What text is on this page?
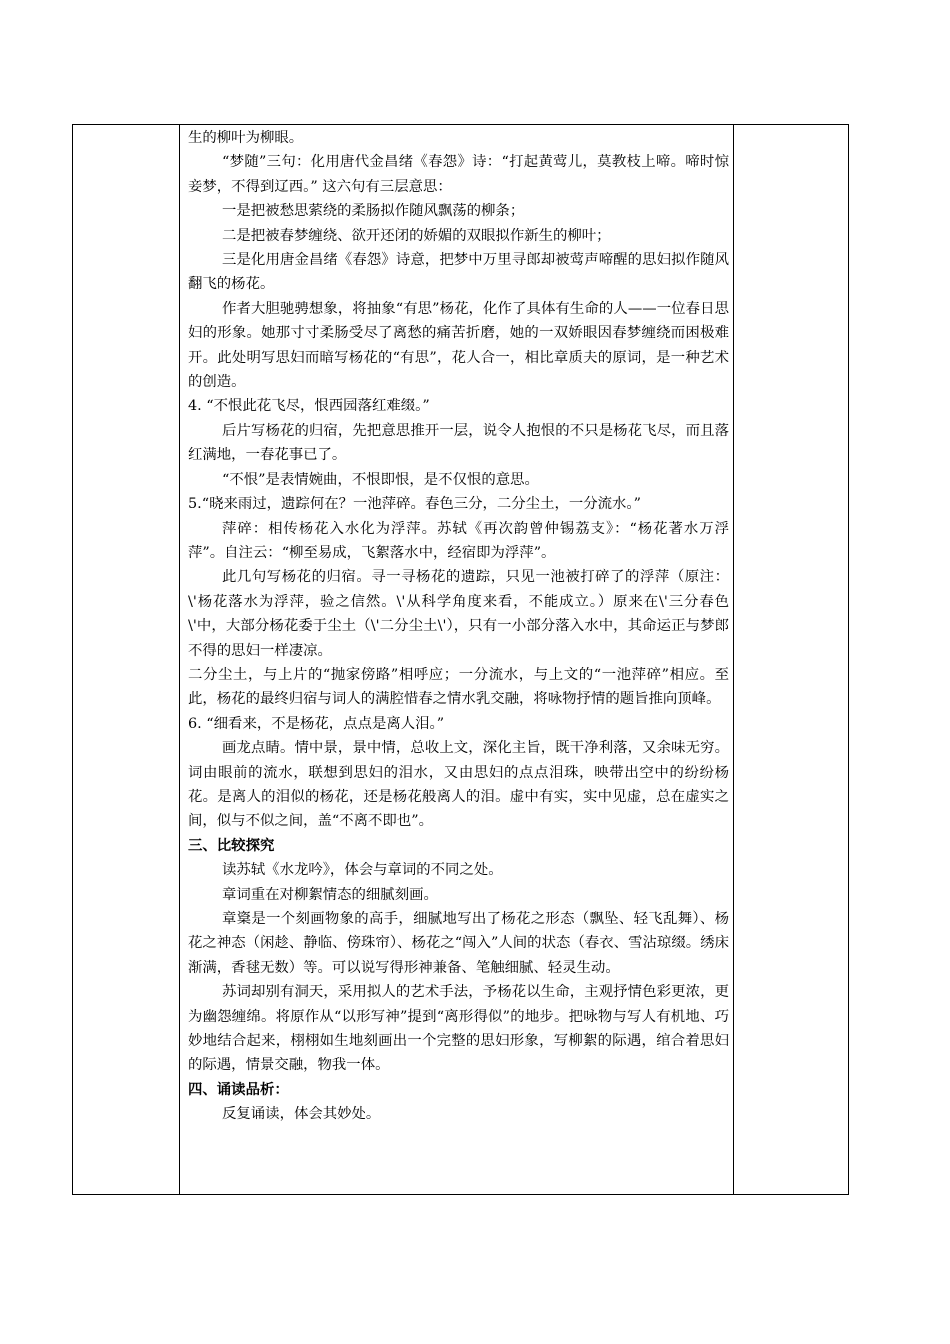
生的柳叶为柳眼。

“梦随”三句：化用唐代金昌绪《春怨》诗：“打起黄莺儿，莫教枝上啼。啼时惊妾梦，不得到辽西。” 这六句有三层意思：

一是把被愁思萦绕的柔肠拟作随风飘荡的柳条；

二是把被春梦缠绕、欲开还闭的娇媚的双眼拟作新生的柳叶；

三是化用唐金昌绪《春怨》诗意，把梦中万里寻郎却被莺声啼醒的思妇拟作随风翻飞的杨花。

作者大胆驰骋想象，将抽象“有思”杨花，化作了具体有生命的人——一位春日思妇的形象。她那寸寸柔肠受尽了离愁的痛苦折磨，她的一双娇眼因春梦缠绕而困极难开。此处明写思妇而暗写杨花的“有思”，花人合一，相比章质夫的原词，是一种艺术的创造。

4. “不恨此花飞尽，恨西园落红难缀。”

后片写杨花的归宿，先把意思推开一层，说令人抱恨的不只是杨花飞尽，而且落红满地，一春花事已了。

“不恨”是表情婉曲，不恨即恨，是不仅恨的意思。

5.“晓来雨过，遗踪何在？一池萍碎。春色三分，二分尘土，一分流水。”

萍碎：相传杨花入水化为浮萍。苏轼《再次韵曾仲锡荔支》：“杨花著水万浮萍”。自注云：“柳至易成，飞絮落水中，经宿即为浮萍”。

此几句写杨花的归宿。寻一寻杨花的遗踪，只见一池被打碎了的浮萍（原注：\'杨花落水为浮萍，验之信然。\'从科学角度来看，不能成立。）原来在\'三分春色\'中，大部分杨花委于尘土（\'二分尘土\'），只有一小部分落入水中，其命运正与梦郎不得的思妇一样凄凉。

二分尘土，与上片的“抛家傍路”相呼应；一分流水，与上文的“一池萍碎”相应。至此，杨花的最终归宿与词人的满腔惜春之情水乳交融，将咏物抒情的题旨推向顶峰。

6. “细看来，不是杨花，点点是离人泪。”

画龙点睛。情中景，景中情，总收上文，深化主旨，既干净利落，又余味无穷。词由眼前的流水，联想到思妇的泪水，又由思妇的点点泪珠，映带出空中的纷纷杨花。是离人的泪似的杨花，还是杨花般离人的泪。虚中有实，实中见虚，总在虚实之间，似与不似之间，盖“不离不即也”。

三、比较探究

读苏轼《水龙吟》，体会与章词的不同之处。

章词重在对柳絮情态的细腻刻画。

章楶是一个刻画物象的高手，细腻地写出了杨花之形态（飘坠、轻飞乱舞）、杨花之神态（闲趁、静临、傍珠帘）、杨花之“闯入”人间的状态（春衣、雪沾琼缀。绣床渐满，香毬无数）等。可以说写得形神兼备、笔触细腻、轻灵生动。

苏词却别有洞天，采用拟人的艺术手法，予杨花以生命，主观抒情色彩更浓，更为幽怨缠绵。将原作从“以形写神”提到“离形得似”的地步。把咏物与写人有机地、巧妙地结合起来，栩栩如生地刻画出一个完整的思妇形象，写柳絮的际遇，绾合着思妇的际遇，情景交融，物我一体。

四、诵读品析：

反复诵读，体会其妙处。
